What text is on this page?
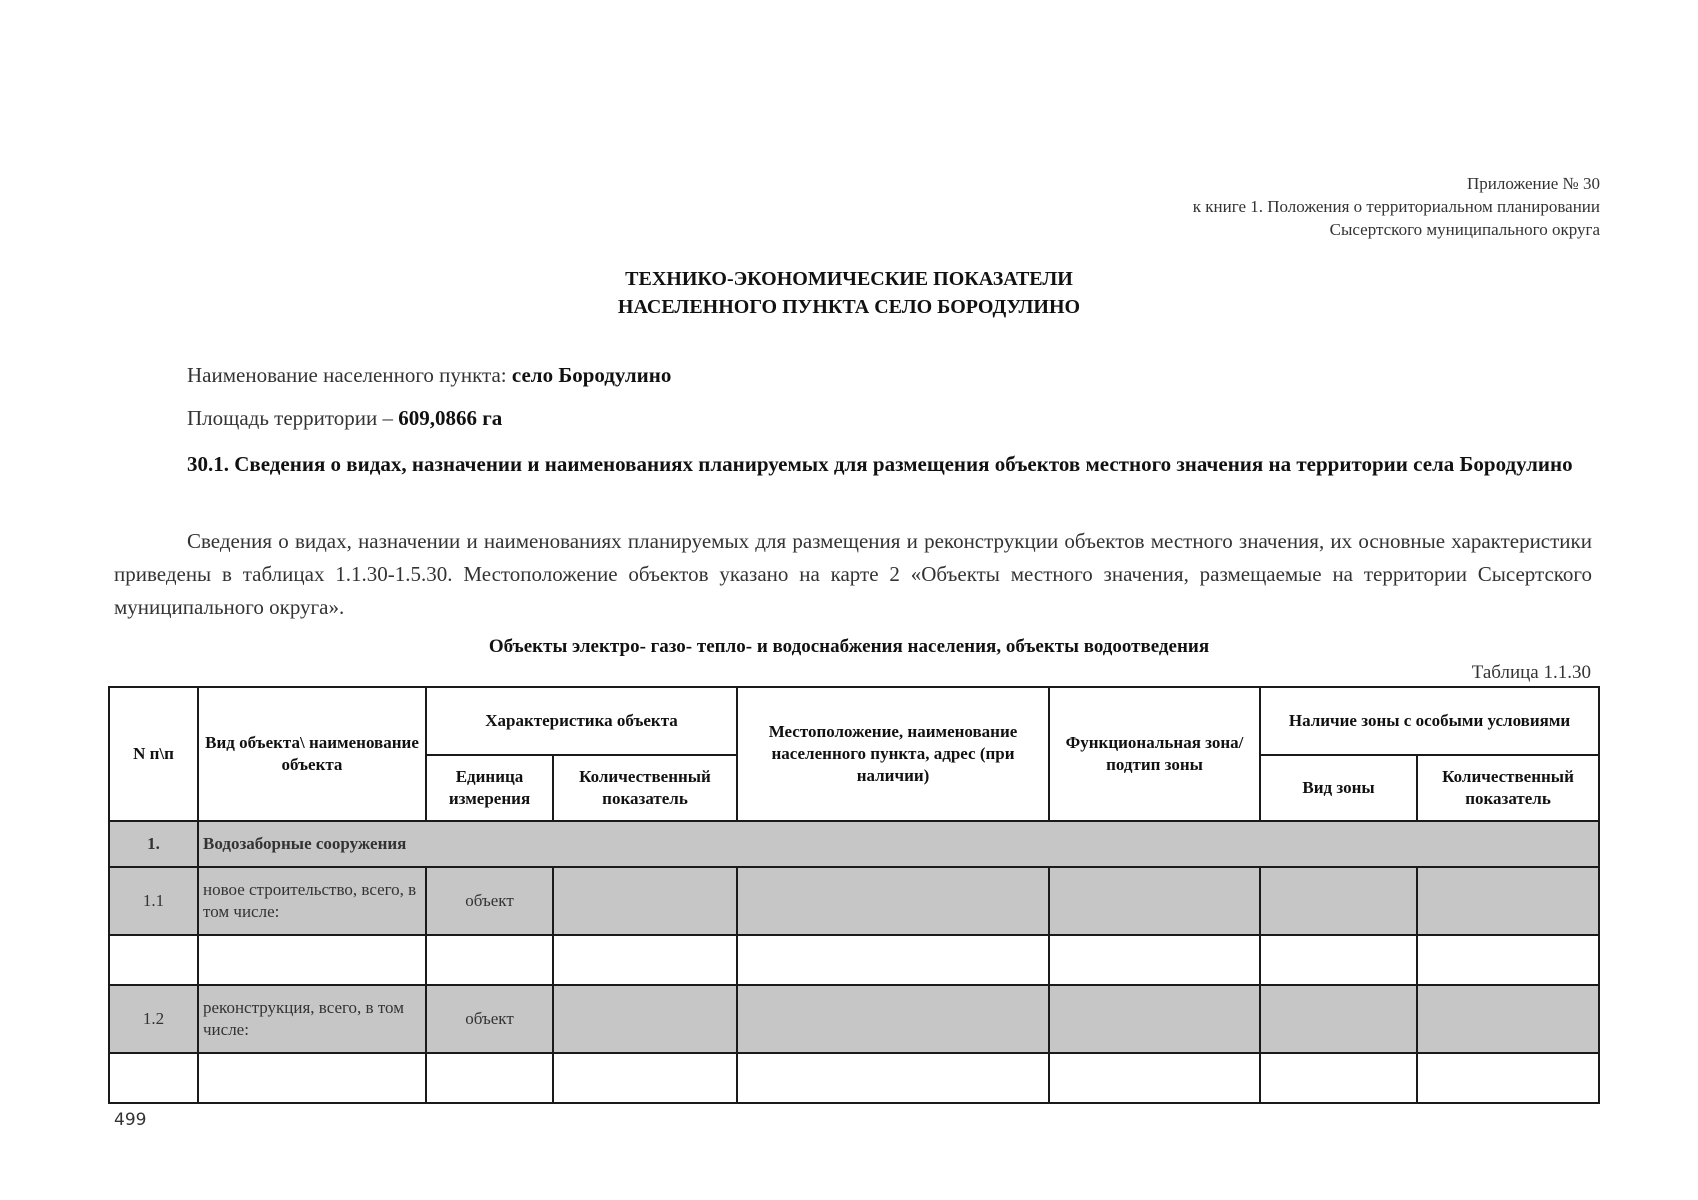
Приложение № 30
к книге 1. Положения о территориальном планировании
Сысертского муниципального округа
ТЕХНИКО-ЭКОНОМИЧЕСКИЕ ПОКАЗАТЕЛИ
НАСЕЛЕННОГО ПУНКТА СЕЛО БОРОДУЛИНО
Наименование населенного пункта: село Бородулино
Площадь территории – 609,0866 га
30.1. Сведения о видах, назначении и наименованиях планируемых для размещения объектов местного значения на территории села Бородулино
Сведения о видах, назначении и наименованиях планируемых для размещения и реконструкции объектов местного значения, их основные характеристики приведены в таблицах 1.1.30-1.5.30. Местоположение объектов указано на карте 2 «Объекты местного значения, размещаемые на территории Сысертского муниципального округа».
Объекты электро- газо- тепло- и водоснабжения населения, объекты водоотведения
Таблица 1.1.30
N п\п	Вид объекта\ наименование объекта	Характеристика объекта		Местоположение, наименование населенного пункта, адрес (при наличии)	Функциональная зона/ подтип зоны	Наличие зоны с особыми условиями	
		Единица измерения	Количественный показатель			Вид зоны	Количественный показатель
1.	Водозаборные сооружения						
1.1	новое строительство, всего, в том числе:	объект					

1.2	реконструкция, всего, в том числе:	объект					

499
